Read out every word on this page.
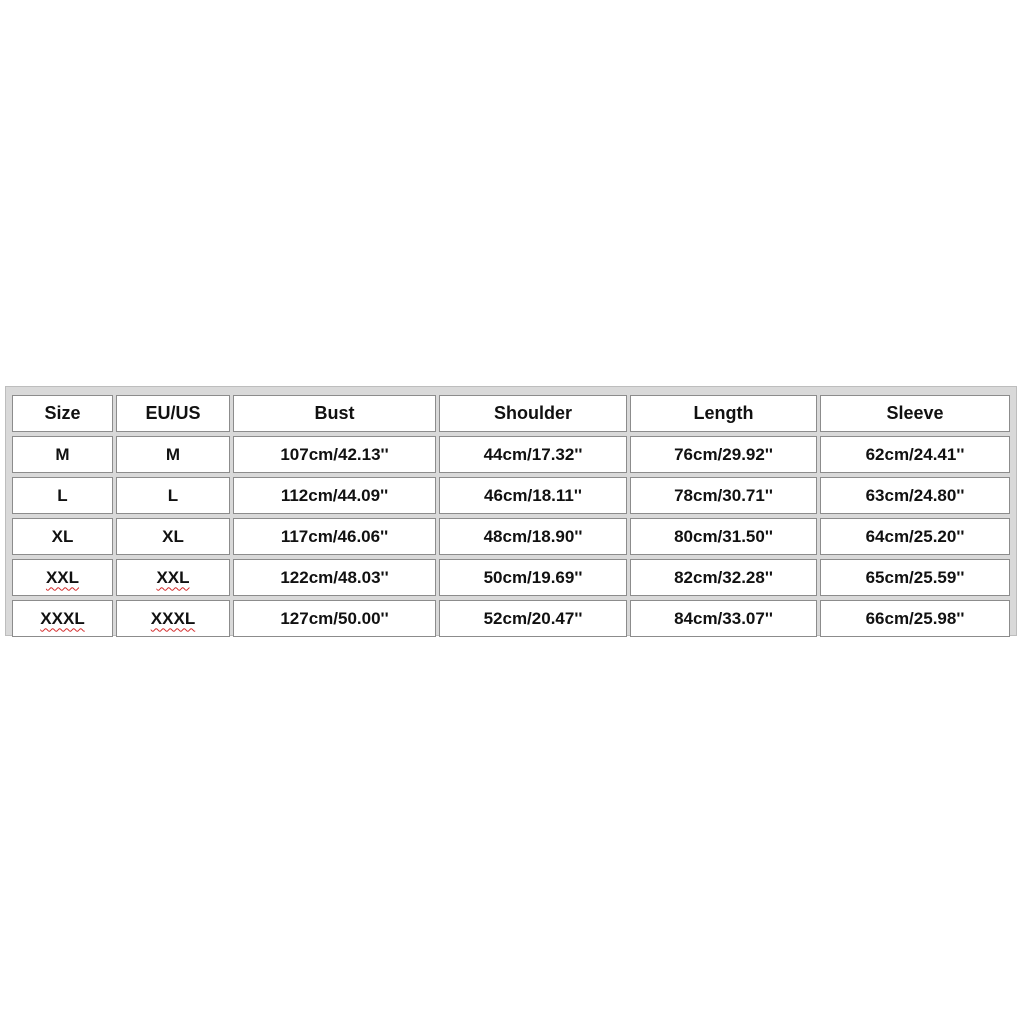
Size	EU/US	Bust	Shoulder	Length	Sleeve
M	M	107cm/42.13''	44cm/17.32''	76cm/29.92''	62cm/24.41''
L	L	112cm/44.09''	46cm/18.11''	78cm/30.71''	63cm/24.80''
XL	XL	117cm/46.06''	48cm/18.90''	80cm/31.50''	64cm/25.20''
XXL	XXL	122cm/48.03''	50cm/19.69''	82cm/32.28''	65cm/25.59''
XXXL	XXXL	127cm/50.00''	52cm/20.47''	84cm/33.07''	66cm/25.98''
